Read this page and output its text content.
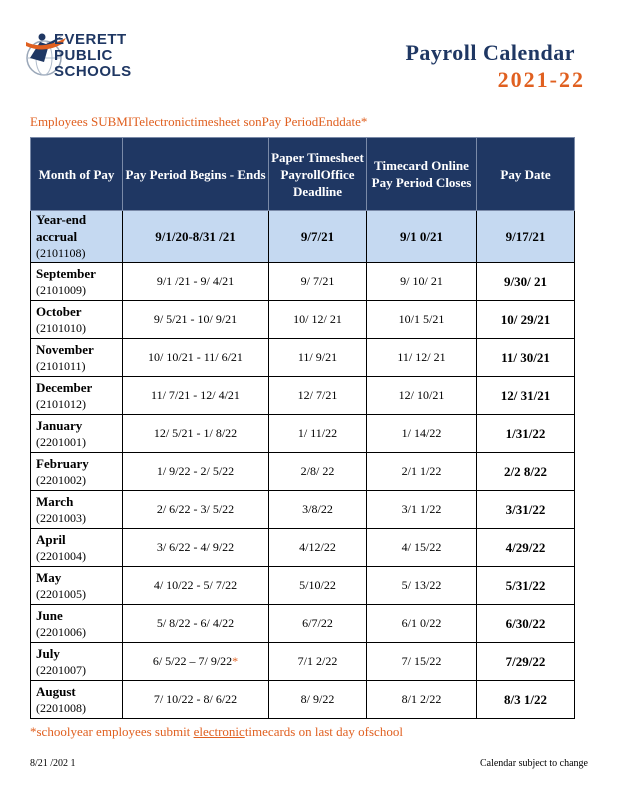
EVERETT
PUBLIC
SCHOOLS
Payroll Calendar
2021-22
Employees SUBMITelectronictimesheet sonPay PeriodEnddate*
Month of Pay	Pay Period Begins - Ends	Paper Timesheet PayrollOffice Deadline	Timecard Online Pay Period Closes	Pay Date

Year-end accrual
(2101108)	9/1/20-8/31 /21	9/7/21	9/1 0/21	9/17/21

September
(2101009)	9/1 /21 - 9/ 4/21	9/ 7/21	9/ 10/ 21	9/30/ 21

October
(2101010)	9/ 5/21 - 10/ 9/21	10/ 12/ 21	10/1 5/21	10/ 29/21

November
(2101011)	10/ 10/21 - 11/ 6/21	11/ 9/21	11/ 12/ 21	11/ 30/21

December
(2101012)	11/ 7/21 - 12/ 4/21	12/ 7/21	12/ 10/21	12/ 31/21

January
(2201001)	12/ 5/21 - 1/ 8/22	1/ 11/22	1/ 14/22	1/31/22

February
(2201002)	1/ 9/22 - 2/ 5/22	2/8/ 22	2/1 1/22	2/2 8/22

March
(2201003)	2/ 6/22 - 3/ 5/22	3/8/22	3/1 1/22	3/31/22

April
(2201004)	3/ 6/22 - 4/ 9/22	4/12/22	4/ 15/22	4/29/22

May
(2201005)	4/ 10/22 - 5/ 7/22	5/10/22	5/ 13/22	5/31/22

June
(2201006)	5/ 8/22 - 6/ 4/22	6/7/22	6/1 0/22	6/30/22

July
(2201007)	6/ 5/22 – 7/ 9/22*	7/1 2/22	7/ 15/22	7/29/22

August
(2201008)	7/ 10/22 - 8/ 6/22	8/ 9/22	8/1 2/22	8/3 1/22
*schoolyear employees submit electronictimecards on last day ofschool
8/21 /202 1	Calendar subject to change
